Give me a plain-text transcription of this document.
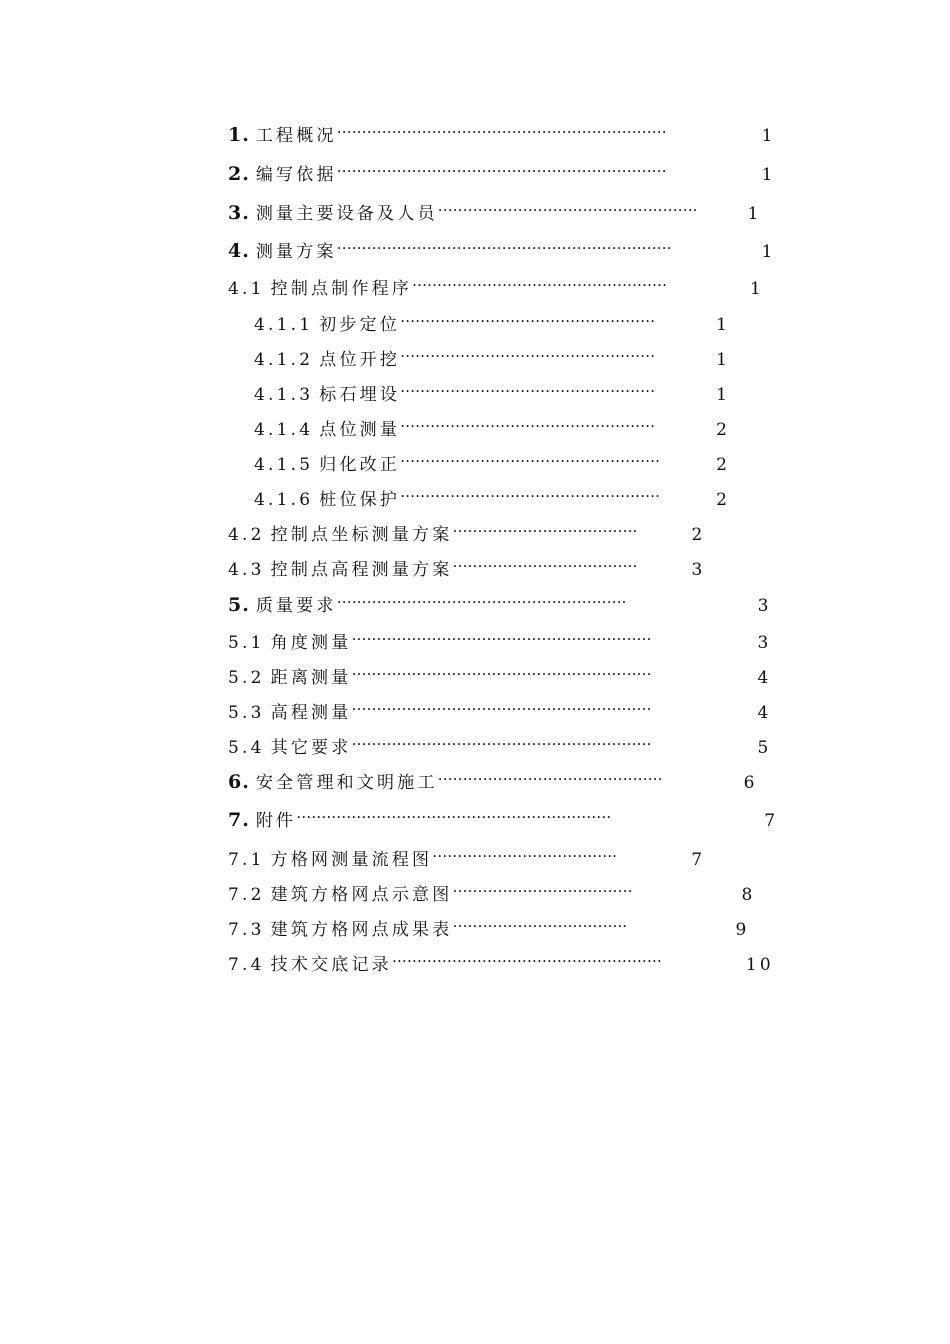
1. 工程概况…………………………………………………………	1
2. 编写依据…………………………………………………………	1
3. 测量主要设备及人员…………………………………………….	1
4. 测量方案………………………………………………………….	1
4.1 控制点制作程序……………………………………………	1
4.1.1 初步定位……………………………………………	1
4.1.2 点位开挖……………………………………………	1
4.1.3 标石埋设……………………………………………	1
4.1.4 点位测量……………………………………………	2
4.1.5 归化改正…………………………………………….	2
4.1.6 桩位保护…………………………………………….	2
4.2 控制点坐标测量方案……………………………….	2
4.3 控制点高程测量方案……………………………….	3
5. 质量要求………………………………………………….	3
5.1 角度测量……………………………………………………	3
5.2 距离测量……………………………………………………	4
5.3 高程测量……………………………………………………	4
5.4 其它要求……………………………………………………	5
6. 安全管理和文明施工………………………………………	6
7. 附件………………………………………………………	7
7.1 方格网测量流程图……………………………….	7
7.2 建筑方格网点示意图………………………………	8
7.3 建筑方格网点成果表……………………………..	9
7.4 技术交底记录………………………………………………	10
